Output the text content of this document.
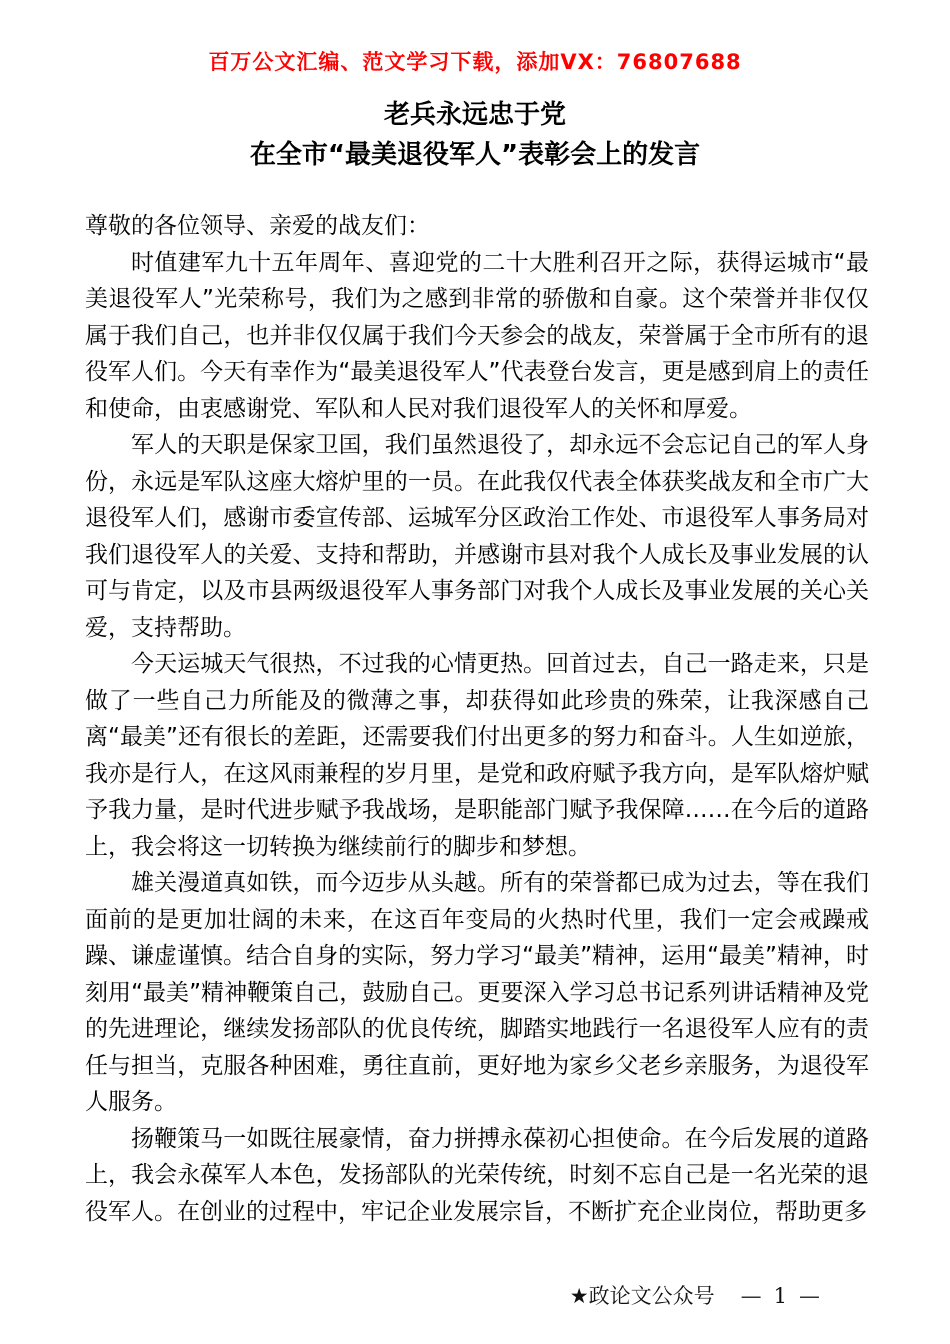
百万公文汇编、范文学习下载，添加VX：76807688
老兵永远忠于党
在全市“最美退役军人”表彰会上的发言

尊敬的各位领导、亲爱的战友们：

时值建军九十五年周年、喜迎党的二十大胜利召开之际，获得运城市“最美退役军人”光荣称号，我们为之感到非常的骄傲和自豪。这个荣誉并非仅仅属于我们自己，也并非仅仅属于我们今天参会的战友，荣誉属于全市所有的退役军人们。今天有幸作为“最美退役军人”代表登台发言，更是感到肩上的责任和使命，由衷感谢党、军队和人民对我们退役军人的关怀和厚爱。

军人的天职是保家卫囯，我们虽然退役了，却永远不会忘记自己的军人身份，永远是军队这座大熔炉里的一员。在此我仅代表全体获奖战友和全市广大退役军人们，感谢市委宣传部、运城军分区政治工作处、市退役军人事务局对我们退役军人的关爱、支持和帮助，并感谢市县对我个人成长及事业发展的认可与肯定，以及市县两级退役军人事务部门对我个人成长及事业发展的关心关爱，支持帮助。

今天运城天气很热，不过我的心情更热。回首过去，自己一路走来，只是做了一些自己力所能及的微薄之事，却获得如此珍贵的殊荣，让我深感自己离“最美”还有很长的差距，还需要我们付出更多的努力和奋斗。人生如逆旅，我亦是行人，在这风雨兼程的岁月里，是党和政府赋予我方向，是军队熔炉赋予我力量，是时代进步赋予我战场，是职能部门赋予我保障……在今后的道路上，我会将这一切转换为继续前行的脚步和梦想。

雄关漫道真如铁，而今迈步从头越。所有的荣誉都已成为过去，等在我们面前的是更加壮阔的未来，在这百年变局的火热时代里，我们一定会戒躁戒躁、谦虚谨慎。结合自身的实际，努力学习“最美”精神，运用“最美”精神，时刻用“最美”精神鞭策自己，鼓励自己。更要深入学习总书记系列讲话精神及党的先进理论，继续发扬部队的优良传统，脚踏实地践行一名退役军人应有的责任与担当，克服各种困难，勇往直前，更好地为家乡父老乡亲服务，为退役军人服务。

扬鞭策马一如既往展豪情，奋力拼搏永葆初心担使命。在今后发展的道路上，我会永葆军人本色，发扬部队的光荣传统，时刻不忘自己是一名光荣的退役军人。在创业的过程中，牢记企业发展宗旨，不断扩充企业岗位，帮助更多

★政论文公众号 — 1 —
